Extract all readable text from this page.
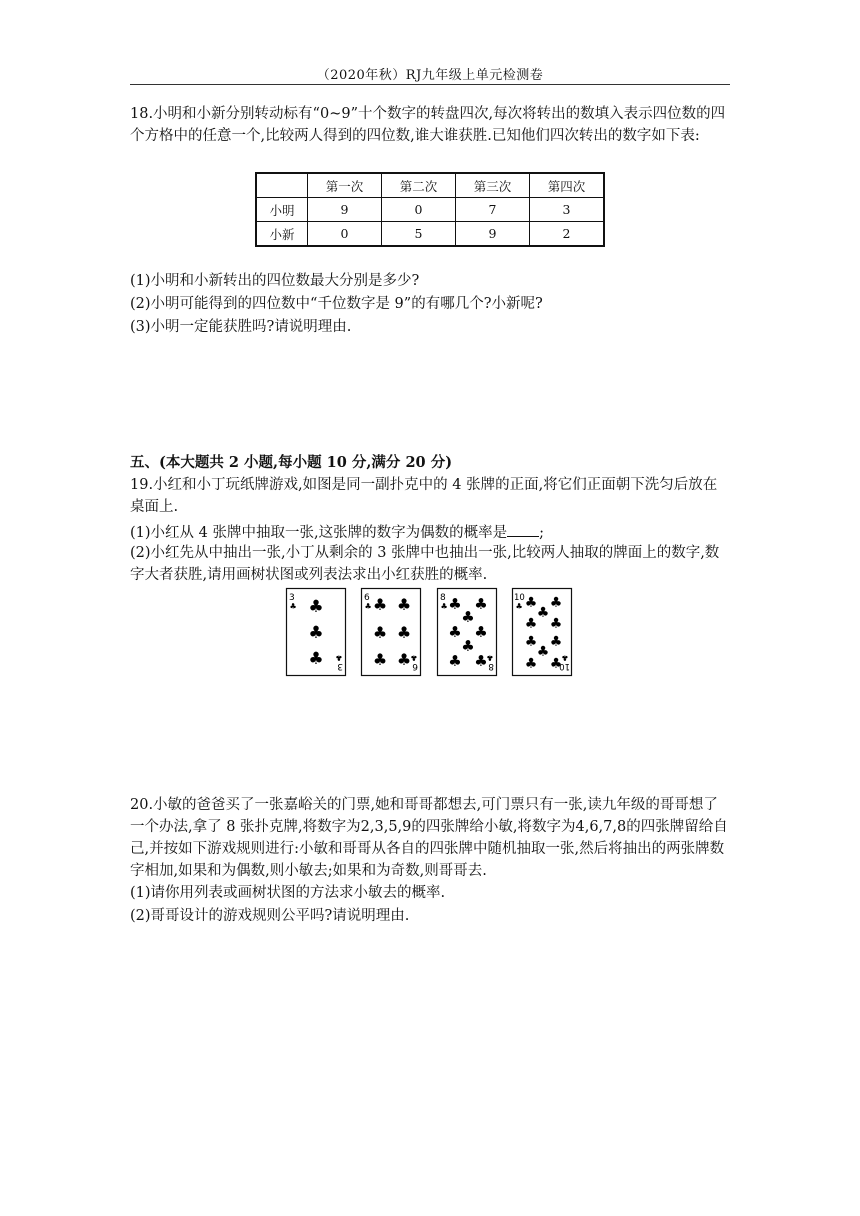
（2020年秋）RJ九年级上单元检测卷
18.小明和小新分别转动标有“0~9”十个数字的转盘四次,每次将转出的数填入表示四位数的四个方格中的任意一个,比较两人得到的四位数,谁大谁获胜.已知他们四次转出的数字如下表:
	第一次	第二次	第三次	第四次
小明	9	0	7	3
小新	0	5	9	2
(1)小明和小新转出的四位数最大分别是多少?
(2)小明可能得到的四位数中“千位数字是 9”的有哪几个?小新呢?
(3)小明一定能获胜吗?请说明理由.
五、(本大题共 2 小题,每小题 10 分,满分 20 分)
19.小红和小丁玩纸牌游戏,如图是同一副扑克中的 4 张牌的正面,将它们正面朝下洗匀后放在桌面上.
(1)小红从 4 张牌中抽取一张,这张牌的数字为偶数的概率是 ;
(2)小红先从中抽出一张,小丁从剩余的 3 张牌中也抽出一张,比较两人抽取的牌面上的数字,数字大者获胜,请用画树状图或列表法求出小红获胜的概率.
3
♣ ♣
♣
♣ 3
♣
6
♣ ♣ ♣
♣ ♣
♣ ♣ 6
♣
8
♣ ♣ ♣
♣
♣ ♣
♣
♣ ♣ 8
♣
10
♣ ♣ ♣
♣
♣ ♣
♣ ♣
♣
♣ ♣
10
♣
20.小敏的爸爸买了一张嘉峪关的门票,她和哥哥都想去,可门票只有一张,读九年级的哥哥想了一个办法,拿了 8 张扑克牌,将数字为2,3,5,9的四张牌给小敏,将数字为4,6,7,8的四张牌留给自己,并按如下游戏规则进行:小敏和哥哥从各自的四张牌中随机抽取一张,然后将抽出的两张牌数字相加,如果和为偶数,则小敏去;如果和为奇数,则哥哥去.
(1)请你用列表或画树状图的方法求小敏去的概率.
(2)哥哥设计的游戏规则公平吗?请说明理由.
